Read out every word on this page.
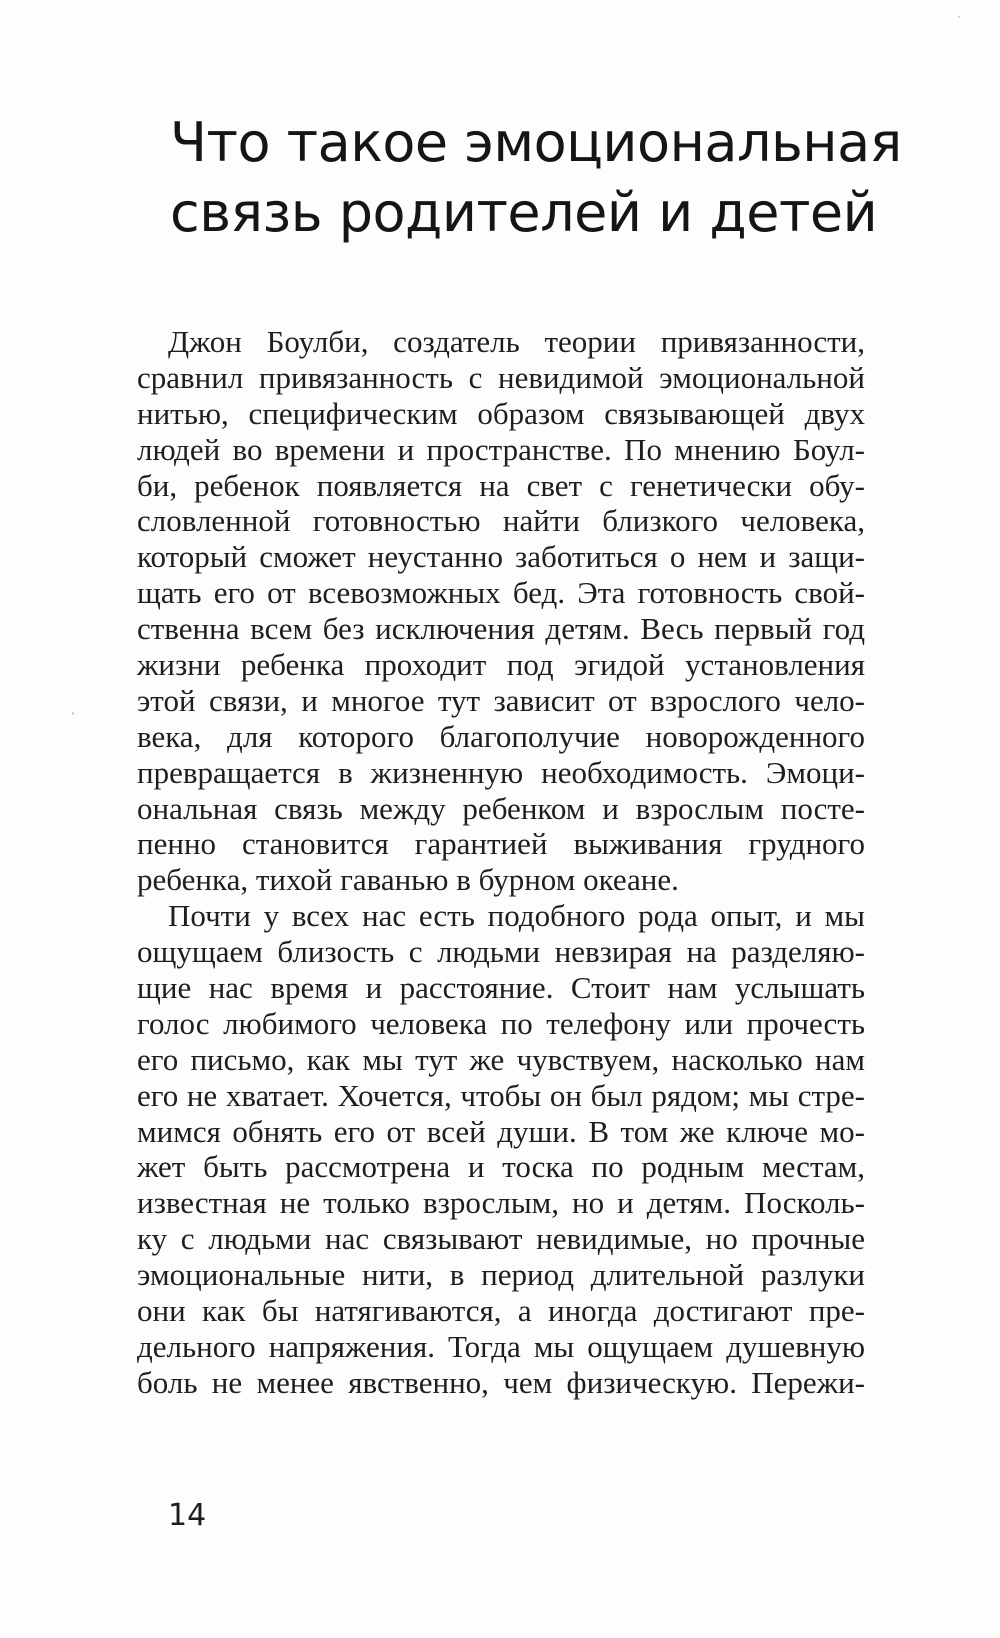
Что такое эмоциональная
связь родителей и детей
Джон Боулби, создатель теории привязанности,
сравнил привязанность с невидимой эмоциональной
нитью, специфическим образом связывающей двух
людей во времени и пространстве. По мнению Боул-
би, ребенок появляется на свет с генетически обу-
словленной готовностью найти близкого человека,
который сможет неустанно заботиться о нем и защи-
щать его от всевозможных бед. Эта готовность свой-
ственна всем без исключения детям. Весь первый год
жизни ребенка проходит под эгидой установления
этой связи, и многое тут зависит от взрослого чело-
века, для которого благополучие новорожденного
превращается в жизненную необходимость. Эмоци-
ональная связь между ребенком и взрослым посте-
пенно становится гарантией выживания грудного
ребенка, тихой гаванью в бурном океане.
Почти у всех нас есть подобного рода опыт, и мы
ощущаем близость с людьми невзирая на разделяю-
щие нас время и расстояние. Стоит нам услышать
голос любимого человека по телефону или прочесть
его письмо, как мы тут же чувствуем, насколько нам
его не хватает. Хочется, чтобы он был рядом; мы стре-
мимся обнять его от всей души. В том же ключе мо-
жет быть рассмотрена и тоска по родным местам,
известная не только взрослым, но и детям. Посколь-
ку с людьми нас связывают невидимые, но прочные
эмоциональные нити, в период длительной разлуки
они как бы натягиваются, а иногда достигают пре-
дельного напряжения. Тогда мы ощущаем душевную
боль не менее явственно, чем физическую. Пережи-
14
